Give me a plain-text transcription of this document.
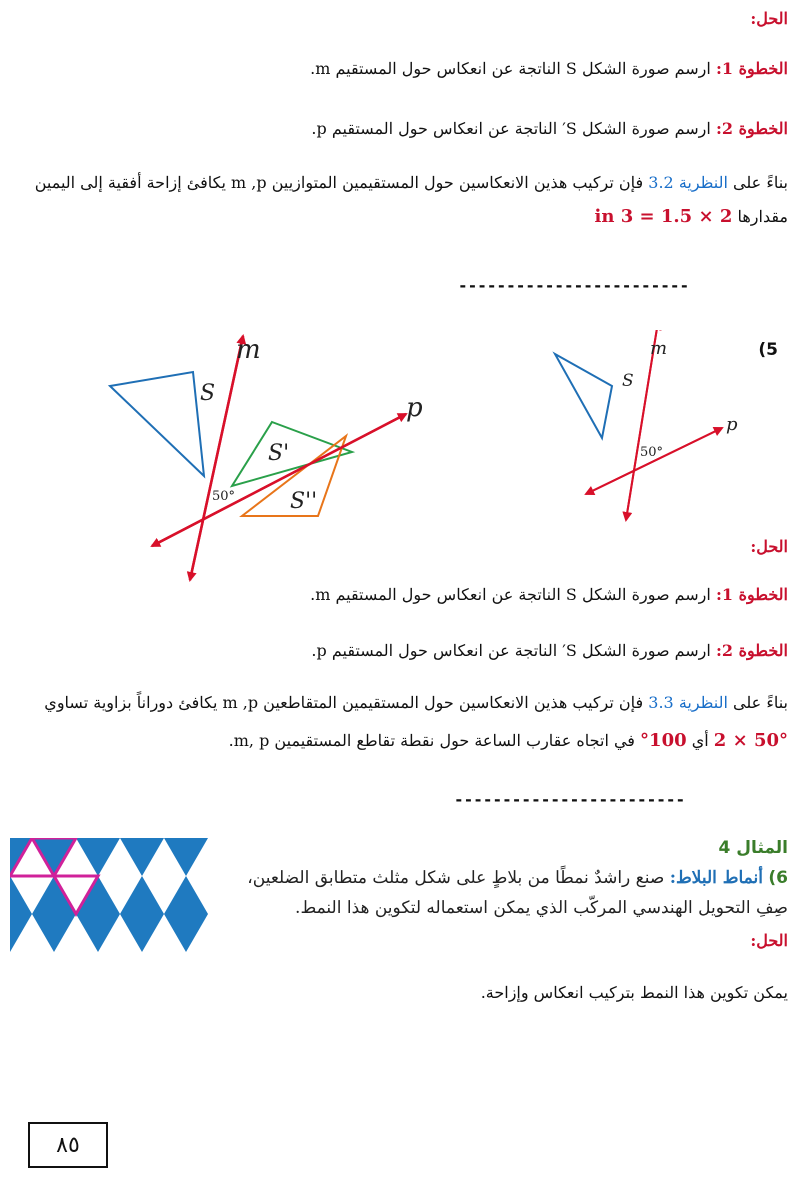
الحل:
الخطوة 1: ارسم صورة الشكل S الناتجة عن انعكاس حول المستقيم m.
الخطوة 2: ارسم صورة الشكل S′ الناتجة عن انعكاس حول المستقيم p.
بناءً على النظرية 3.2 فإن تركيب هذين الانعكاسين حول المستقيمين المتوازيين m ,p يكافئ إزاحة أفقية إلى اليمين
مقدارها 2 × 1.5 = 3 in
------------------------
(5
m
p
S
50°
m
p
S
S'
S''
50°
الحل:
الخطوة 1: ارسم صورة الشكل S الناتجة عن انعكاس حول المستقيم m.
الخطوة 2: ارسم صورة الشكل S′ الناتجة عن انعكاس حول المستقيم p.
بناءً على النظرية 3.3 فإن تركيب هذين الانعكاسين حول المستقيمين المتقاطعين m ,p يكافئ دوراناً بزاوية تساوي
50° × 2 أي 100° في اتجاه عقارب الساعة حول نقطة تقاطع المستقيمين m, p.
------------------------
المثال 4
6) أنماط البلاط: صنع راشدٌ نمطًا من بلاطٍ على شكل مثلث متطابق الضلعين،
صِفِ التحويل الهندسي المركّب الذي يمكن استعماله لتكوين هذا النمط.
الحل:
يمكن تكوين هذا النمط بتركيب انعكاس وإزاحة.
٨٥
